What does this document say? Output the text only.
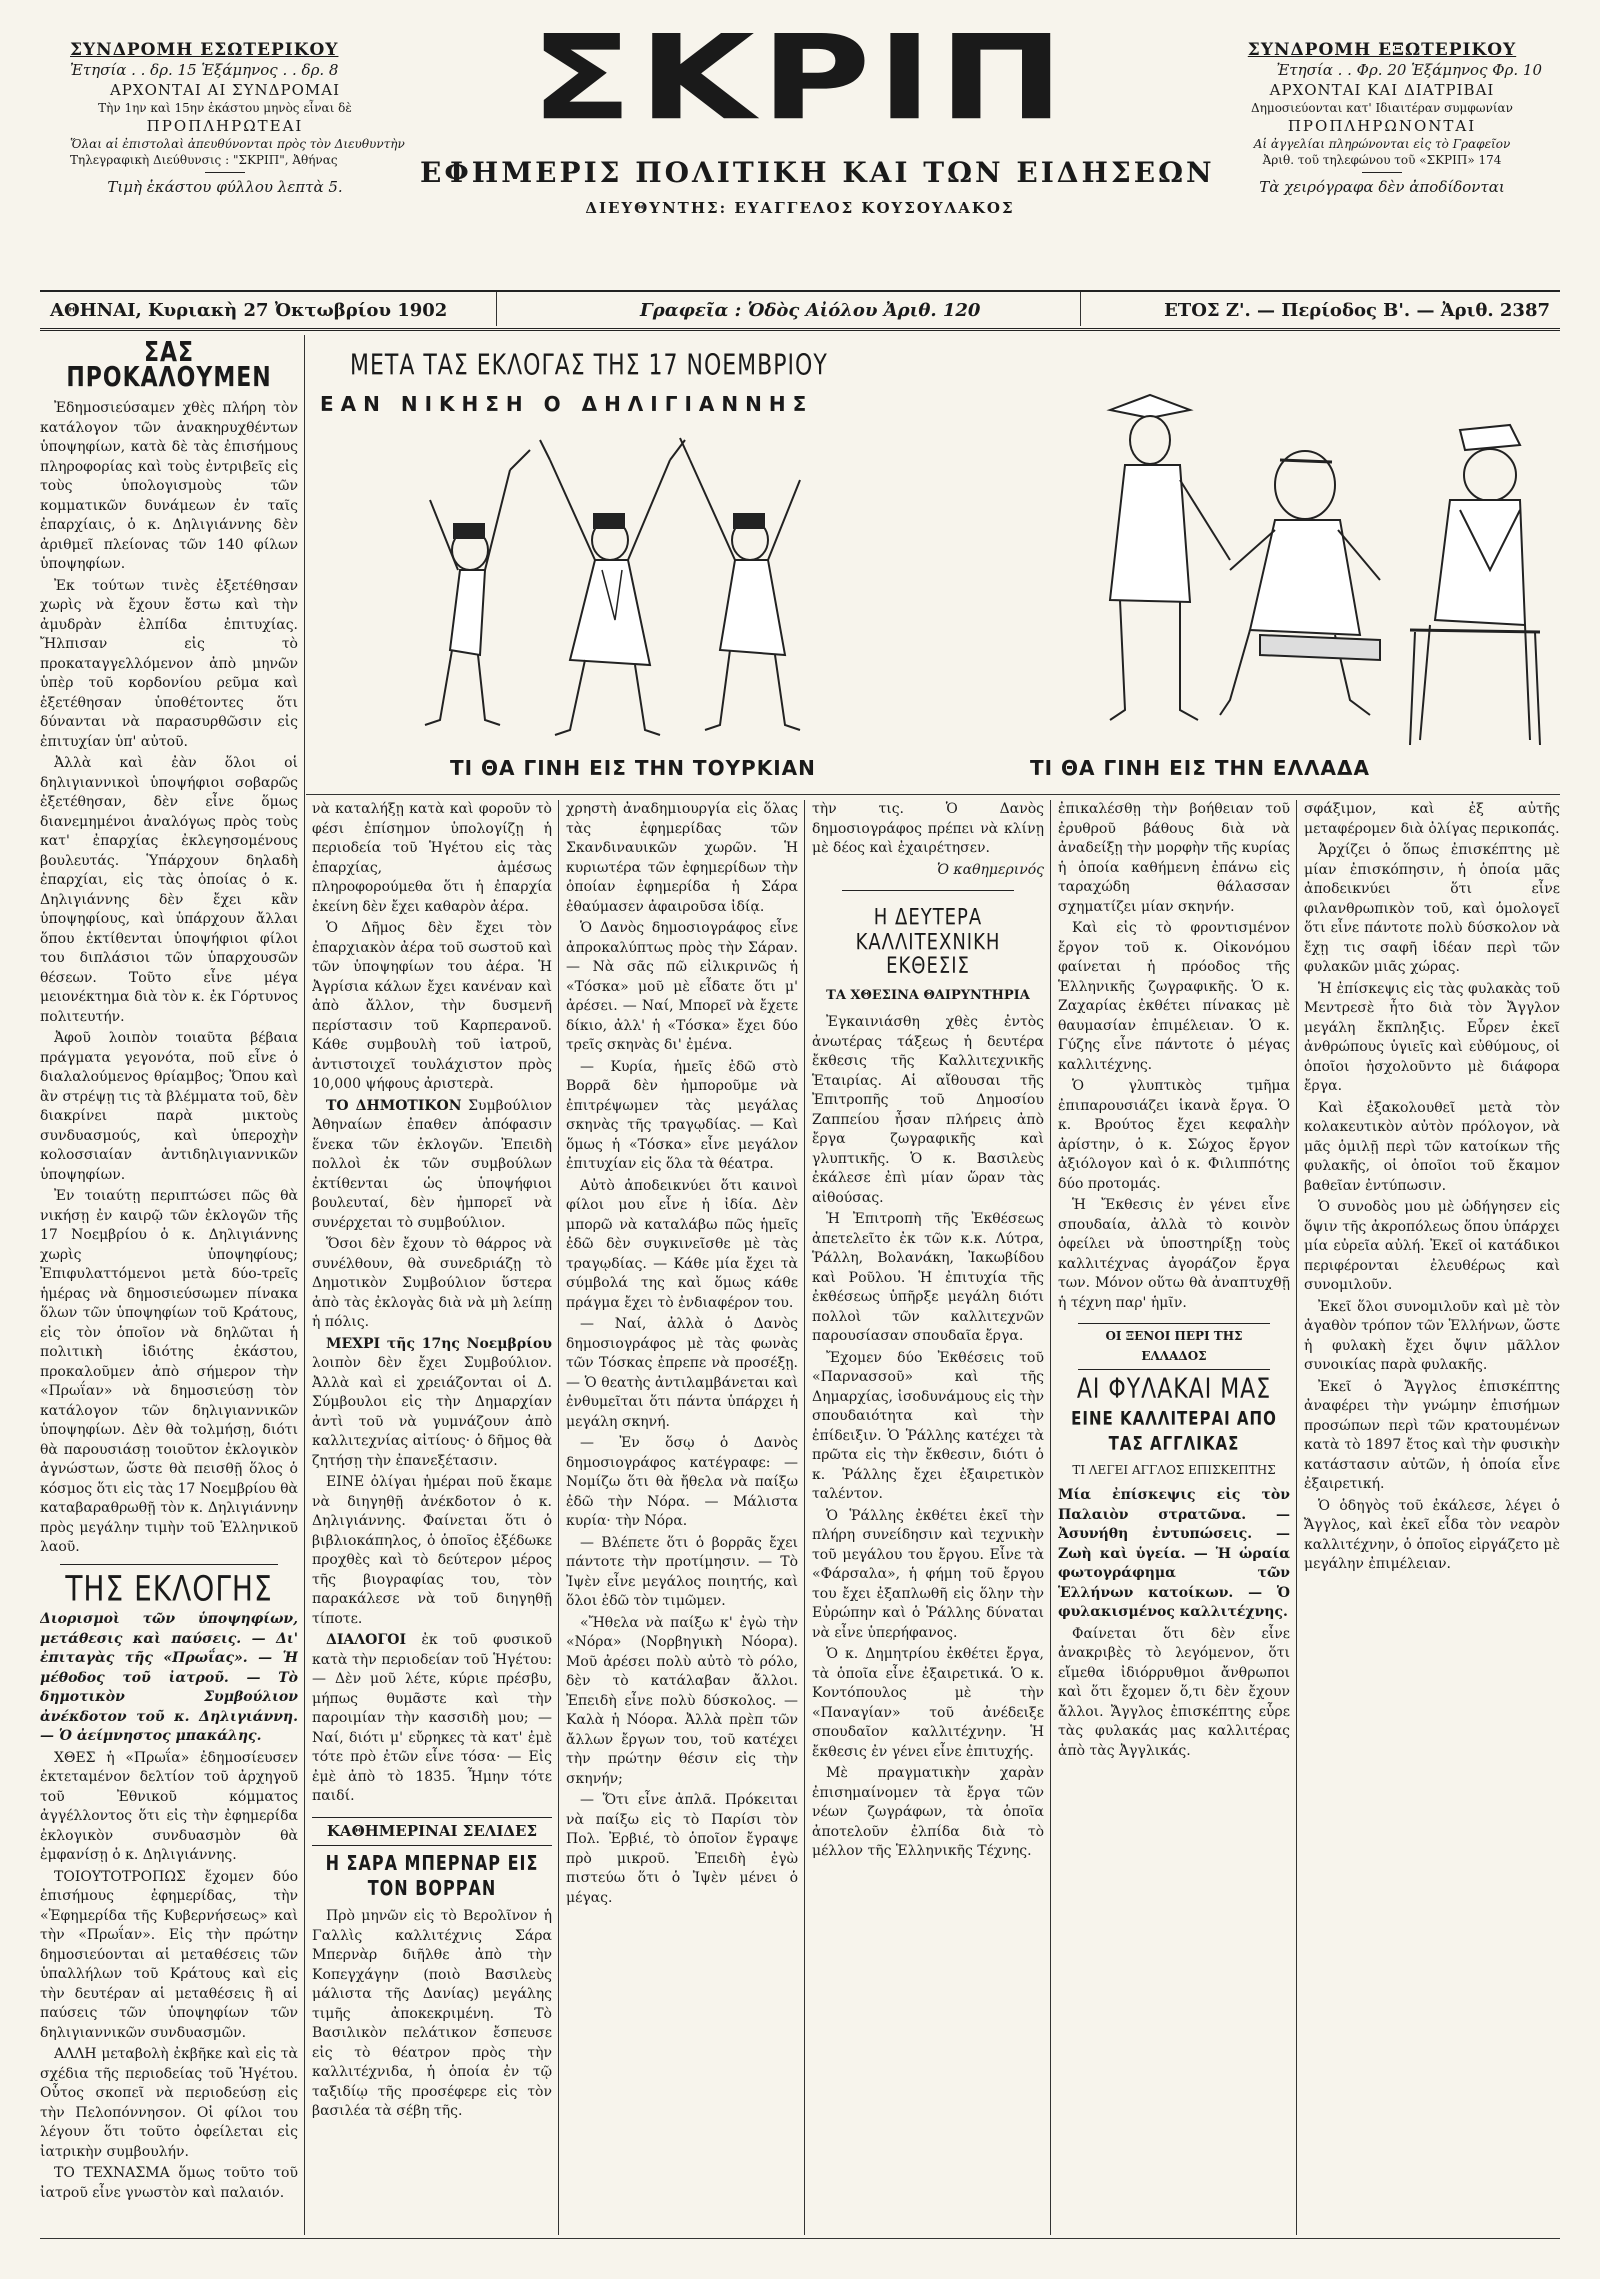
ΣΥΝΔΡΟΜΗ ΕΣΩΤΕΡΙΚΟΥ
Ἐτησία . . δρ. 15 Ἑξάμηνος . . δρ. 8
ΑΡΧΟΝΤΑΙ ΑΙ ΣΥΝΔΡΟΜΑΙ
Τὴν 1ην καὶ 15ην ἑκάστου μηνὸς εἶναι δὲ
ΠΡΟΠΛΗΡΩΤΕΑΙ
Ὅλαι αἱ ἐπιστολαὶ ἀπευθύνονται πρὸς τὸν Διευθυντὴν
Τηλεγραφικὴ Διεύθυνσις : "ΣΚΡΙΠ", Ἀθήνας
Τιμὴ ἑκάστου φύλλου λεπτὰ 5.
ΣΚΡΙΠ
ΕΦΗΜΕΡΙΣ ΠΟΛΙΤΙΚΗ ΚΑΙ ΤΩΝ ΕΙΔΗΣΕΩΝ
ΔΙΕΥΘΥΝΤΗΣ: ΕΥΑΓΓΕΛΟΣ ΚΟΥΣΟΥΛΑΚΟΣ
ΣΥΝΔΡΟΜΗ ΕΞΩΤΕΡΙΚΟΥ
Ἐτησία . . Φρ. 20 Ἑξάμηνος Φρ. 10
ΑΡΧΟΝΤΑΙ ΚΑΙ ΔΙΑΤΡΙΒΑΙ
Δημοσιεύονται κατ' Ιδιαιτέραν συμφωνίαν
ΠΡΟΠΛΗΡΩΝΟΝΤΑΙ
Αἱ ἀγγελίαι πληρώνονται εἰς τὸ Γραφεῖον
Ἀριθ. τοῦ τηλεφώνου τοῦ «ΣΚΡΙΠ» 174
Τὰ χειρόγραφα δὲν ἀποδίδονται
ΑΘΗΝΑΙ, Κυριακὴ 27 Ὀκτωβρίου 1902	Γραφεῖα : Ὁδὸς Αἰόλου Ἀριθ. 120	ΕΤΟΣ Ζ'. — Περίοδος Β'. — Ἀριθ. 2387
ΜΕΤΑ ΤΑΣ ΕΚΛΟΓΑΣ ΤΗΣ 17 ΝΟΕΜΒΡΙΟΥ
ΕΑΝ ΝΙΚΗΣΗ Ο ΔΗΛΙΓΙΑΝΝΗΣ
ΤΙ ΘΑ ΓΙΝΗ ΕΙΣ ΤΗΝ ΤΟΥΡΚΙΑΝ	ΤΙ ΘΑ ΓΙΝΗ ΕΙΣ ΤΗΝ ΕΛΛΑΔΑ
ΣΑΣ ΠΡΟΚΑΛΟΥΜΕΝ

Ἐδημοσιεύσαμεν χθὲς πλήρη τὸν κατάλογον τῶν ἀνακηρυχθέντων ὑποψηφίων, κατὰ δὲ τὰς ἐπισήμους πληροφορίας καὶ τοὺς ἐντριβεῖς εἰς τοὺς ὑπολογισμοὺς τῶν κομματικῶν δυνάμεων ἐν ταῖς ἐπαρχίαις, ὁ κ. Δηλιγιάννης δὲν ἀριθμεῖ πλείονας τῶν 140 φίλων ὑποψηφίων.

Ἐκ τούτων τινὲς ἐξετέθησαν χωρὶς νὰ ἔχουν ἔστω καὶ τὴν ἀμυδρὰν ἐλπίδα ἐπιτυχίας. Ἤλπισαν εἰς τὸ προκαταγγελλόμενον ἀπὸ μηνῶν ὑπὲρ τοῦ κορδονίου ρεῦμα καὶ ἐξετέθησαν ὑποθέτοντες ὅτι δύνανται νὰ παρασυρθῶσιν εἰς ἐπιτυχίαν ὑπ' αὐτοῦ.

Ἀλλὰ καὶ ἐὰν ὅλοι οἱ δηλιγιαννικοὶ ὑποψήφιοι σοβαρῶς ἐξετέθησαν, δὲν εἶνε ὅμως διανεμημένοι ἀναλόγως πρὸς τοὺς κατ' ἐπαρχίας ἐκλεγησομένους βουλευτάς. Ὑπάρχουν δηλαδὴ ἐπαρχίαι, εἰς τὰς ὁποίας ὁ κ. Δηλιγιάννης δὲν ἔχει κἂν ὑποψηφίους, καὶ ὑπάρχουν ἄλλαι ὅπου ἐκτίθενται ὑποψήφιοι φίλοι του διπλάσιοι τῶν ὑπαρχουσῶν θέσεων. Τοῦτο εἶνε μέγα μειονέκτημα διὰ τὸν κ. ἐκ Γόρτυνος πολιτευτήν.

Ἀφοῦ λοιπὸν τοιαῦτα βέβαια πράγματα γεγονότα, ποῦ εἶνε ὁ διαλαλούμενος θρίαμβος; Ὅπου καὶ ἂν στρέψῃ τις τὰ βλέμματα τοῦ, δὲν διακρίνει παρὰ μικτοὺς συνδυασμούς, καὶ ὑπεροχὴν κολοσσιαίαν ἀντιδηλιγιαννικῶν ὑποψηφίων.

Ἐν τοιαύτῃ περιπτώσει πῶς θὰ νικήσῃ ἐν καιρῷ τῶν ἐκλογῶν τῆς 17 Νοεμβρίου ὁ κ. Δηλιγιάννης χωρὶς ὑποψηφίους; Ἐπιφυλαττόμενοι μετὰ δύο-τρεῖς ἡμέρας νὰ δημοσιεύσωμεν πίνακα ὅλων τῶν ὑποψηφίων τοῦ Κράτους, εἰς τὸν ὁποῖον νὰ δηλῶται ἡ πολιτικὴ ἰδιότης ἑκάστου, προκαλοῦμεν ἀπὸ σήμερον τὴν «Πρωΐαν» νὰ δημοσιεύσῃ τὸν κατάλογον τῶν δηλιγιαννικῶν ὑποψηφίων. Δὲν θὰ τολμήσῃ, διότι θὰ παρουσιάσῃ τοιοῦτον ἐκλογικὸν ἀγνώστων, ὥστε θὰ πεισθῇ ὅλος ὁ κόσμος ὅτι εἰς τὰς 17 Νοεμβρίου θὰ καταβαραθρωθῇ τὸν κ. Δηλιγιάννην πρὸς μεγάλην τιμὴν τοῦ Ἑλληνικοῦ λαοῦ.

ΤΗΣ ΕΚΛΟΓΗΣ

Διορισμοὶ τῶν ὑποψηφίων, μετάθεσις καὶ παύσεις. — Δι' ἐπιταγὰς τῆς «Πρωΐας». — Ἡ μέθοδος τοῦ ἰατροῦ. — Τὸ δημοτικὸν Συμβούλιον ἀνέκδοτον τοῦ κ. Δηλιγιάννη. — Ὁ ἀείμνηστος μπακάλης.

ΧΘΕΣ ἡ «Πρωΐα» ἐδημοσίευσεν ἐκτεταμένον δελτίον τοῦ ἀρχηγοῦ τοῦ Ἐθνικοῦ κόμματος ἀγγέλλοντος ὅτι εἰς τὴν ἐφημερίδα ἐκλογικὸν συνδυασμὸν θὰ ἐμφανίσῃ ὁ κ. Δηλιγιάννης.

ΤΟΙΟΥΤΟΤΡΟΠΩΣ ἔχομεν δύο ἐπισήμους ἐφημερίδας, τὴν «Ἐφημερίδα τῆς Κυβερνήσεως» καὶ τὴν «Πρωΐαν». Εἰς τὴν πρώτην δημοσιεύονται αἱ μεταθέσεις τῶν ὑπαλλήλων τοῦ Κράτους καὶ εἰς τὴν δευτέραν αἱ μεταθέσεις ἢ αἱ παύσεις τῶν ὑποψηφίων τῶν δηλιγιαννικῶν συνδυασμῶν.

ΑΛΛΗ μεταβολὴ ἐκβῆκε καὶ εἰς τὰ σχέδια τῆς περιοδείας τοῦ Ἡγέτου. Οὗτος σκοπεῖ νὰ περιοδεύσῃ εἰς τὴν Πελοπόννησον. Οἱ φίλοι του λέγουν ὅτι τοῦτο ὀφείλεται εἰς ἰατρικὴν συμβουλήν.

ΤΟ ΤΕΧΝΑΣΜΑ ὅμως τοῦτο τοῦ ἰατροῦ εἶνε γνωστὸν καὶ παλαιόν.

νὰ καταλήξῃ κατὰ καὶ φοροῦν τὸ φέσι ἐπίσημον ὑπολογίζῃ ἡ περιοδεία τοῦ Ἡγέτου εἰς τὰς ἐπαρχίας, ἀμέσως πληροφορούμεθα ὅτι ἡ ἐπαρχία ἐκείνη δὲν ἔχει καθαρὸν ἀέρα.

Ὁ Δῆμος δὲν ἔχει τὸν ἐπαρχιακὸν ἀέρα τοῦ σωστοῦ καὶ τῶν ὑποψηφίων του ἀέρα. Ἡ Ἀγρίσια κάλων ἔχει κανέναν καὶ ἀπὸ ἄλλον, τὴν δυσμενῆ περίστασιν τοῦ Καρπερανοῦ. Κάθε συμβουλὴ τοῦ ἰατροῦ, ἀντιστοιχεῖ τουλάχιστον πρὸς 10,000 ψήφους ἀριστερὰ.

ΤΟ ΔΗΜΟΤΙΚΟΝ Συμβούλιον Ἀθηναίων ἐπαθεν ἀπόφασιν ἕνεκα τῶν ἐκλογῶν. Ἐπειδὴ πολλοὶ ἐκ τῶν συμβούλων ἐκτίθενται ὡς ὑποψήφιοι βουλευταί, δὲν ἠμπορεῖ νὰ συνέρχεται τὸ συμβούλιον.

Ὅσοι δὲν ἔχουν τὸ θάρρος νὰ συνέλθουν, θὰ συνεδριάζῃ τὸ Δημοτικὸν Συμβούλιον ὕστερα ἀπὸ τὰς ἐκλογὰς διὰ νὰ μὴ λείπῃ ἡ πόλις.

ΜΕΧΡΙ τῆς 17ης Νοεμβρίου λοιπὸν δὲν ἔχει Συμβούλιον. Ἀλλὰ καὶ εἰ χρειάζονται οἱ Δ. Σύμβουλοι εἰς τὴν Δημαρχίαν ἀντὶ τοῦ νὰ γυμνάζουν ἀπὸ καλλιτεχνίας αἰτίους· ὁ δῆμος θὰ ζητήσῃ τὴν ἐπανεξέτασιν.

ΕΙΝΕ ὀλίγαι ἡμέραι ποῦ ἔκαμε νὰ διηγηθῇ ἀνέκδοτον ὁ κ. Δηλιγιάννης. Φαίνεται ὅτι ὁ βιβλιοκάπηλος, ὁ ὁποῖος ἐξέδωκε προχθὲς καὶ τὸ δεύτερον μέρος τῆς βιογραφίας του, τὸν παρακάλεσε νὰ τοῦ διηγηθῇ τίποτε.

ΔΙΑΛΟΓΟΙ ἐκ τοῦ φυσικοῦ κατὰ τὴν περιοδείαν τοῦ Ἡγέτου: — Δὲν μοῦ λέτε, κύριε πρέσβυ, μήπως θυμᾶστε καὶ τὴν παροιμίαν τὴν κασσιδὴ μου; — Ναί, διότι μ' εὔρηκες τὰ κατ' ἐμὲ τότε πρὸ ἐτῶν εἶνε τόσα· — Εἰς ἐμὲ ἀπὸ τὸ 1835. Ἦμην τότε παιδί.

ΚΑΘΗΜΕΡΙΝΑΙ ΣΕΛΙΔΕΣ
Η ΣΑΡΑ ΜΠΕΡΝΑΡ ΕΙΣ ΤΟΝ ΒΟΡΡΑΝ

Πρὸ μηνῶν εἰς τὸ Βερολῖνον ἡ Γαλλὶς καλλιτέχνις Σάρα Μπερνὰρ διῆλθε ἀπὸ τὴν Κοπεγχάγην (ποιὸ Βασιλεὺς μάλιστα τῆς Δανίας) μεγάλης τιμῆς ἀποκεκριμένη. Τὸ Βασιλικὸν πελάτικον ἔσπευσε εἰς τὸ θέατρον πρὸς τὴν καλλιτέχνιδα, ἡ ὁποία ἐν τῷ ταξιδίῳ τῆς προσέφερε εἰς τὸν βασιλέα τὰ σέβη τῆς.

χρηστὴ ἀναδημιουργία εἰς ὅλας τὰς ἐφημερίδας τῶν Σκανδιναυικῶν χωρῶν. Ἡ κυριωτέρα τῶν ἐφημερίδων τὴν ὁποίαν ἐφημερίδα ἡ Σάρα ἐθαύμασεν ἀφαιροῦσα ἰδίᾳ.

Ὁ Δανὸς δημοσιογράφος εἶνε ἀπροκαλύπτως πρὸς τὴν Σάραν. — Νὰ σᾶς πῶ εἰλικρινῶς ἡ «Τόσκα» μοῦ μὲ εἶδατε ὅτι μ' ἀρέσει. — Ναί, Μπορεῖ νὰ ἔχετε δίκιο, ἀλλ' ἡ «Τόσκα» ἔχει δύο τρεῖς σκηνὰς δι' ἐμένα.

— Κυρία, ἡμεῖς ἐδῶ στὸ Βορρᾶ δὲν ἠμποροῦμε νὰ ἐπιτρέψωμεν τὰς μεγάλας σκηνὰς τῆς τραγῳδίας. — Καὶ ὅμως ἡ «Τόσκα» εἶνε μεγάλον ἐπιτυχίαν εἰς ὅλα τὰ θέατρα.

Αὐτὸ ἀποδεικνύει ὅτι καινοὶ φίλοι μου εἶνε ἡ ἰδία. Δὲν μπορῶ νὰ καταλάβω πῶς ἡμεῖς ἐδῶ δὲν συγκινεῖσθε μὲ τὰς τραγῳδίας. — Κάθε μία ἔχει τὰ σύμβολά της καὶ ὅμως κάθε πράγμα ἔχει τὸ ἐνδιαφέρον του.

— Ναί, ἀλλὰ ὁ Δανὸς δημοσιογράφος μὲ τὰς φωνὰς τῶν Τόσκας ἐπρεπε νὰ προσέξῃ. — Ὁ θεατὴς ἀντιλαμβάνεται καὶ ἐνθυμεῖται ὅτι πάντα ὑπάρχει ἡ μεγάλη σκηνή.

— Ἐν ὅσῳ ὁ Δανὸς δημοσιογράφος κατέγραφε: — Νομίζω ὅτι θὰ ἤθελα νὰ παίξω ἐδῶ τὴν Νόρα. — Μάλιστα κυρία· τὴν Νόρα.

— Βλέπετε ὅτι ὁ βορρᾶς ἔχει πάντοτε τὴν προτίμησιν. — Τὸ Ἰψὲν εἶνε μεγάλος ποιητής, καὶ ὅλοι ἐδῶ τὸν τιμῶμεν.

«Ἤθελα νὰ παίξω κ' ἐγὼ τὴν «Νόρα» (Νορβηγικὴ Νόορα). Μοῦ ἀρέσει πολὺ αὐτὸ τὸ ρόλο, δὲν τὸ κατάλαβαν ἄλλοι. Ἐπειδὴ εἶνε πολὺ δύσκολος. — Καλὰ ἡ Νόορα. Ἀλλὰ πρὲπ τῶν ἄλλων ἔργων του, τοῦ κατέχει τὴν πρώτην θέσιν εἰς τὴν σκηνήν;

— Ὅτι εἶνε ἀπλᾶ. Πρόκειται νὰ παίξω εἰς τὸ Παρίσι τὸν Πολ. Ἐρβιέ, τὸ ὁποῖον ἔγραψε πρὸ μικροῦ. Ἐπειδὴ ἐγὼ πιστεύω ὅτι ὁ Ἰψὲν μένει ὁ μέγας.

τὴν τις. Ὁ Δανὸς δημοσιογράφος πρέπει νὰ κλίνῃ μὲ δέος καὶ ἐχαιρέτησεν.

Ὁ καθημερινός

Η ΔΕΥΤΕΡΑ ΚΑΛΛΙΤΕΧΝΙΚΗ ΕΚΘΕΣΙΣ
ΤΑ ΧΘΕΣΙΝΑ ΘΑΙΡΥΝΤΗΡΙΑ

Ἐγκαινιάσθη χθὲς ἐντὸς ἀνωτέρας τάξεως ἡ δευτέρα ἔκθεσις τῆς Καλλιτεχνικῆς Ἑταιρίας. Αἱ αἴθουσαι τῆς Ἐπιτροπῆς τοῦ Δημοσίου Ζαππείου ἦσαν πλήρεις ἀπὸ ἔργα ζωγραφικῆς καὶ γλυπτικῆς. Ὁ κ. Βασιλεὺς ἐκάλεσε ἐπὶ μίαν ὥραν τὰς αἰθούσας.

Ἡ Ἐπιτροπὴ τῆς Ἐκθέσεως ἀπετελεῖτο ἐκ τῶν κ.κ. Λύτρα, Ῥάλλη, Βολανάκη, Ἰακωβίδου καὶ Ροῦλου. Ἡ ἐπιτυχία τῆς ἐκθέσεως ὑπῆρξε μεγάλη διότι πολλοὶ τῶν καλλιτεχνῶν παρουσίασαν σπουδαῖα ἔργα.

Ἔχομεν δύο Ἐκθέσεις τοῦ «Παρνασσοῦ» καὶ τῆς Δημαρχίας, ἰσοδυνάμους εἰς τὴν σπουδαιότητα καὶ τὴν ἐπίδειξιν. Ὁ Ῥάλλης κατέχει τὰ πρῶτα εἰς τὴν ἔκθεσιν, διότι ὁ κ. Ῥάλλης ἔχει ἐξαιρετικὸν ταλέντον.

Ὁ Ῥάλλης ἐκθέτει ἐκεῖ τὴν πλήρη συνείδησιν καὶ τεχνικὴν τοῦ μεγάλου του ἔργου. Εἶνε τὰ «Φάρσαλα», ἡ φήμη τοῦ ἔργου του ἔχει ἐξαπλωθῆ εἰς ὅλην τὴν Εὐρώπην καὶ ὁ Ῥάλλης δύναται νὰ εἶνε ὑπερήφανος.

Ὁ κ. Δημητρίου ἐκθέτει ἔργα, τὰ ὁποῖα εἶνε ἐξαιρετικά. Ὁ κ. Κοντόπουλος μὲ τὴν «Παναγίαν» τοῦ ἀνέδειξε σπουδαῖον καλλιτέχνην. Ἡ ἔκθεσις ἐν γένει εἶνε ἐπιτυχής.

Μὲ πραγματικὴν χαρὰν ἐπισημαίνομεν τὰ ἔργα τῶν νέων ζωγράφων, τὰ ὁποῖα ἀποτελοῦν ἐλπίδα διὰ τὸ μέλλον τῆς Ἑλληνικῆς Τέχνης.

ἐπικαλέσθῃ τὴν βοήθειαν τοῦ ἐρυθροῦ βάθους διὰ νὰ ἀναδείξῃ τὴν μορφὴν τῆς κυρίας ἡ ὁποία καθήμενη ἐπάνω εἰς ταραχώδη θάλασσαν σχηματίζει μίαν σκηνήν.

Καὶ εἰς τὸ φροντισμένον ἔργον τοῦ κ. Οἰκονόμου φαίνεται ἡ πρόοδος τῆς Ἑλληνικῆς ζωγραφικῆς. Ὁ κ. Ζαχαρίας ἐκθέτει πίνακας μὲ θαυμασίαν ἐπιμέλειαν. Ὁ κ. Γύζης εἶνε πάντοτε ὁ μέγας καλλιτέχνης.

Ὁ γλυπτικὸς τμῆμα ἐπιπαρουσιάζει ἱκανὰ ἔργα. Ὁ κ. Βρούτος ἔχει κεφαλὴν ἀρίστην, ὁ κ. Σώχος ἔργον ἀξιόλογον καὶ ὁ κ. Φιλιππότης δύο προτομάς.

Ἡ Ἔκθεσις ἐν γένει εἶνε σπουδαία, ἀλλὰ τὸ κοινὸν ὁφείλει νὰ ὑποστηρίξῃ τοὺς καλλιτέχνας ἀγοράζον ἔργα των. Μόνον οὕτω θὰ ἀναπτυχθῇ ἡ τέχνη παρ' ἡμῖν.

ΟΙ ΞΕΝΟΙ ΠΕΡΙ ΤΗΣ ΕΛΛΑΔΟΣ
ΑΙ ΦΥΛΑΚΑΙ ΜΑΣ
ΕΙΝΕ ΚΑΛΛΙΤΕΡΑΙ ΑΠΟ ΤΑΣ ΑΓΓΛΙΚΑΣ
ΤΙ ΛΕΓΕΙ ΑΓΓΛΟΣ ΕΠΙΣΚΕΠΤΗΣ

Μία ἐπίσκεψις εἰς τὸν Παλαιὸν στρατῶνα. — Ἀσυνήθη ἐντυπώσεις. — Ζωὴ καὶ ὑγεία. — Ἡ ὡραία φωτογράφημα τῶν Ἑλλήνων κατοίκων. — Ὁ φυλακισμένος καλλιτέχνης.

Φαίνεται ὅτι δὲν εἶνε ἀνακριβὲς τὸ λεγόμενον, ὅτι εἴμεθα ἰδιόρρυθμοι ἄνθρωποι καὶ ὅτι ἔχομεν ὅ,τι δὲν ἔχουν ἄλλοι. Ἄγγλος ἐπισκέπτης εὗρε τὰς φυλακάς μας καλλιτέρας ἀπὸ τὰς Ἀγγλικάς.

σφάξιμον, καὶ ἐξ αὐτῆς μεταφέρομεν διὰ ὀλίγας περικοπάς.

Ἀρχίζει ὁ ὅπως ἐπισκέπτης μὲ μίαν ἐπισκόπησιν, ἡ ὁποία μᾶς ἀποδεικνύει ὅτι εἶνε φιλανθρωπικὸν τοῦ, καὶ ὁμολογεῖ ὅτι εἶνε πάντοτε πολὺ δύσκολον νὰ ἔχῃ τις σαφῆ ἰδέαν περὶ τῶν φυλακῶν μιᾶς χώρας.

Ἡ ἐπίσκεψις εἰς τὰς φυλακὰς τοῦ Μεντρεσὲ ἦτο διὰ τὸν Ἄγγλον μεγάλη ἔκπληξις. Εὗρεν ἐκεῖ ἀνθρώπους ὑγιεῖς καὶ εὐθύμους, οἱ ὁποῖοι ἠσχολοῦντο μὲ διάφορα ἔργα.

Καὶ ἐξακολουθεῖ μετὰ τὸν κολακευτικὸν αὐτὸν πρόλογον, νὰ μᾶς ὁμιλῇ περὶ τῶν κατοίκων τῆς φυλακῆς, οἱ ὁποῖοι τοῦ ἔκαμον βαθεῖαν ἐντύπωσιν.

Ὁ συνοδὸς μου μὲ ὡδήγησεν εἰς ὅψιν τῆς ἀκροπόλεως ὅπου ὑπάρχει μία εὐρεῖα αὐλή. Ἐκεῖ οἱ κατάδικοι περιφέρονται ἐλευθέρως καὶ συνομιλοῦν.

Ἐκεῖ ὅλοι συνομιλοῦν καὶ μὲ τὸν ἀγαθὸν τρόπον τῶν Ἑλλήνων, ὥστε ἡ φυλακὴ ἔχει ὄψιν μᾶλλον συνοικίας παρὰ φυλακῆς.

Ἐκεῖ ὁ Ἄγγλος ἐπισκέπτης ἀναφέρει τὴν γνώμην ἐπισήμων προσώπων περὶ τῶν κρατουμένων κατὰ τὸ 1897 ἔτος καὶ τὴν φυσικὴν κατάστασιν αὐτῶν, ἡ ὁποία εἶνε ἐξαιρετική.

Ὁ ὁδηγὸς τοῦ ἐκάλεσε, λέγει ὁ Ἄγγλος, καὶ ἐκεῖ εἶδα τὸν νεαρὸν καλλιτέχνην, ὁ ὁποῖος εἰργάζετο μὲ μεγάλην ἐπιμέλειαν.
